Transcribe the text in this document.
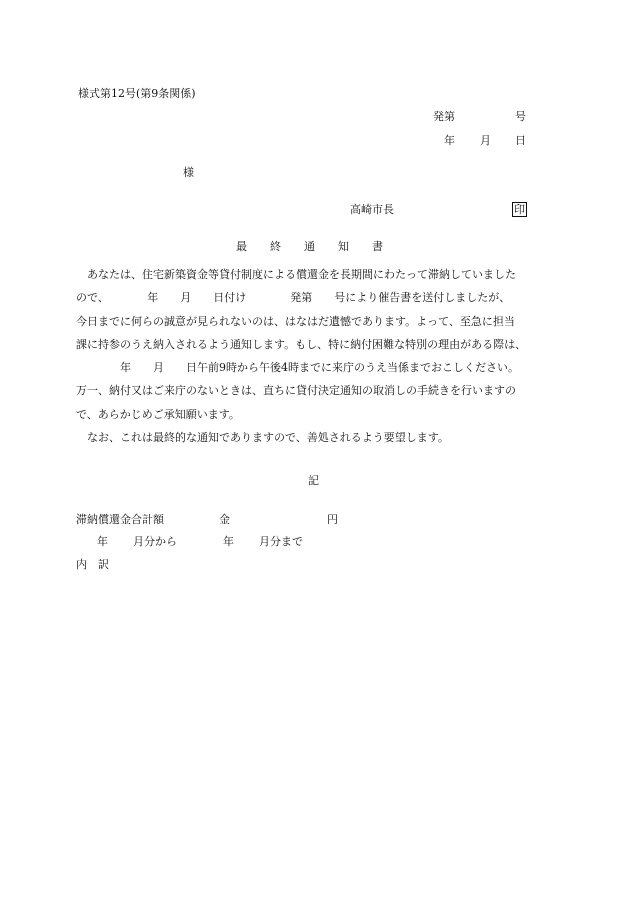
様式第12号(第9条関係)
発第	号
年 月 日
様
高崎市長	印
最	終	通	知	書
　あなたは、住宅新築資金等貸付制度による償還金を長期間にわたって滞納していました
ので、　　　　年　　月　　日付け　　　　発第　　号により催告書を送付しましたが、
今日までに何らの誠意が見られないのは、はなはだ遺憾であります。よって、至急に担当
課に持参のうえ納入されるよう通知します。もし、特に納付困難な特別の理由がある際は、
　　　　年　　月　　日午前9時から午後4時までに来庁のうえ当係までおこしください。
万一、納付又はご来庁のないときは、直ちに貸付決定通知の取消しの手続きを行いますの
で、あらかじめご承知願います。
　なお、これは最終的な通知でありますので、善処されるよう要望します。
記
滞納償還金合計額	金	円
年 月分から	年 月分まで
内　訳
